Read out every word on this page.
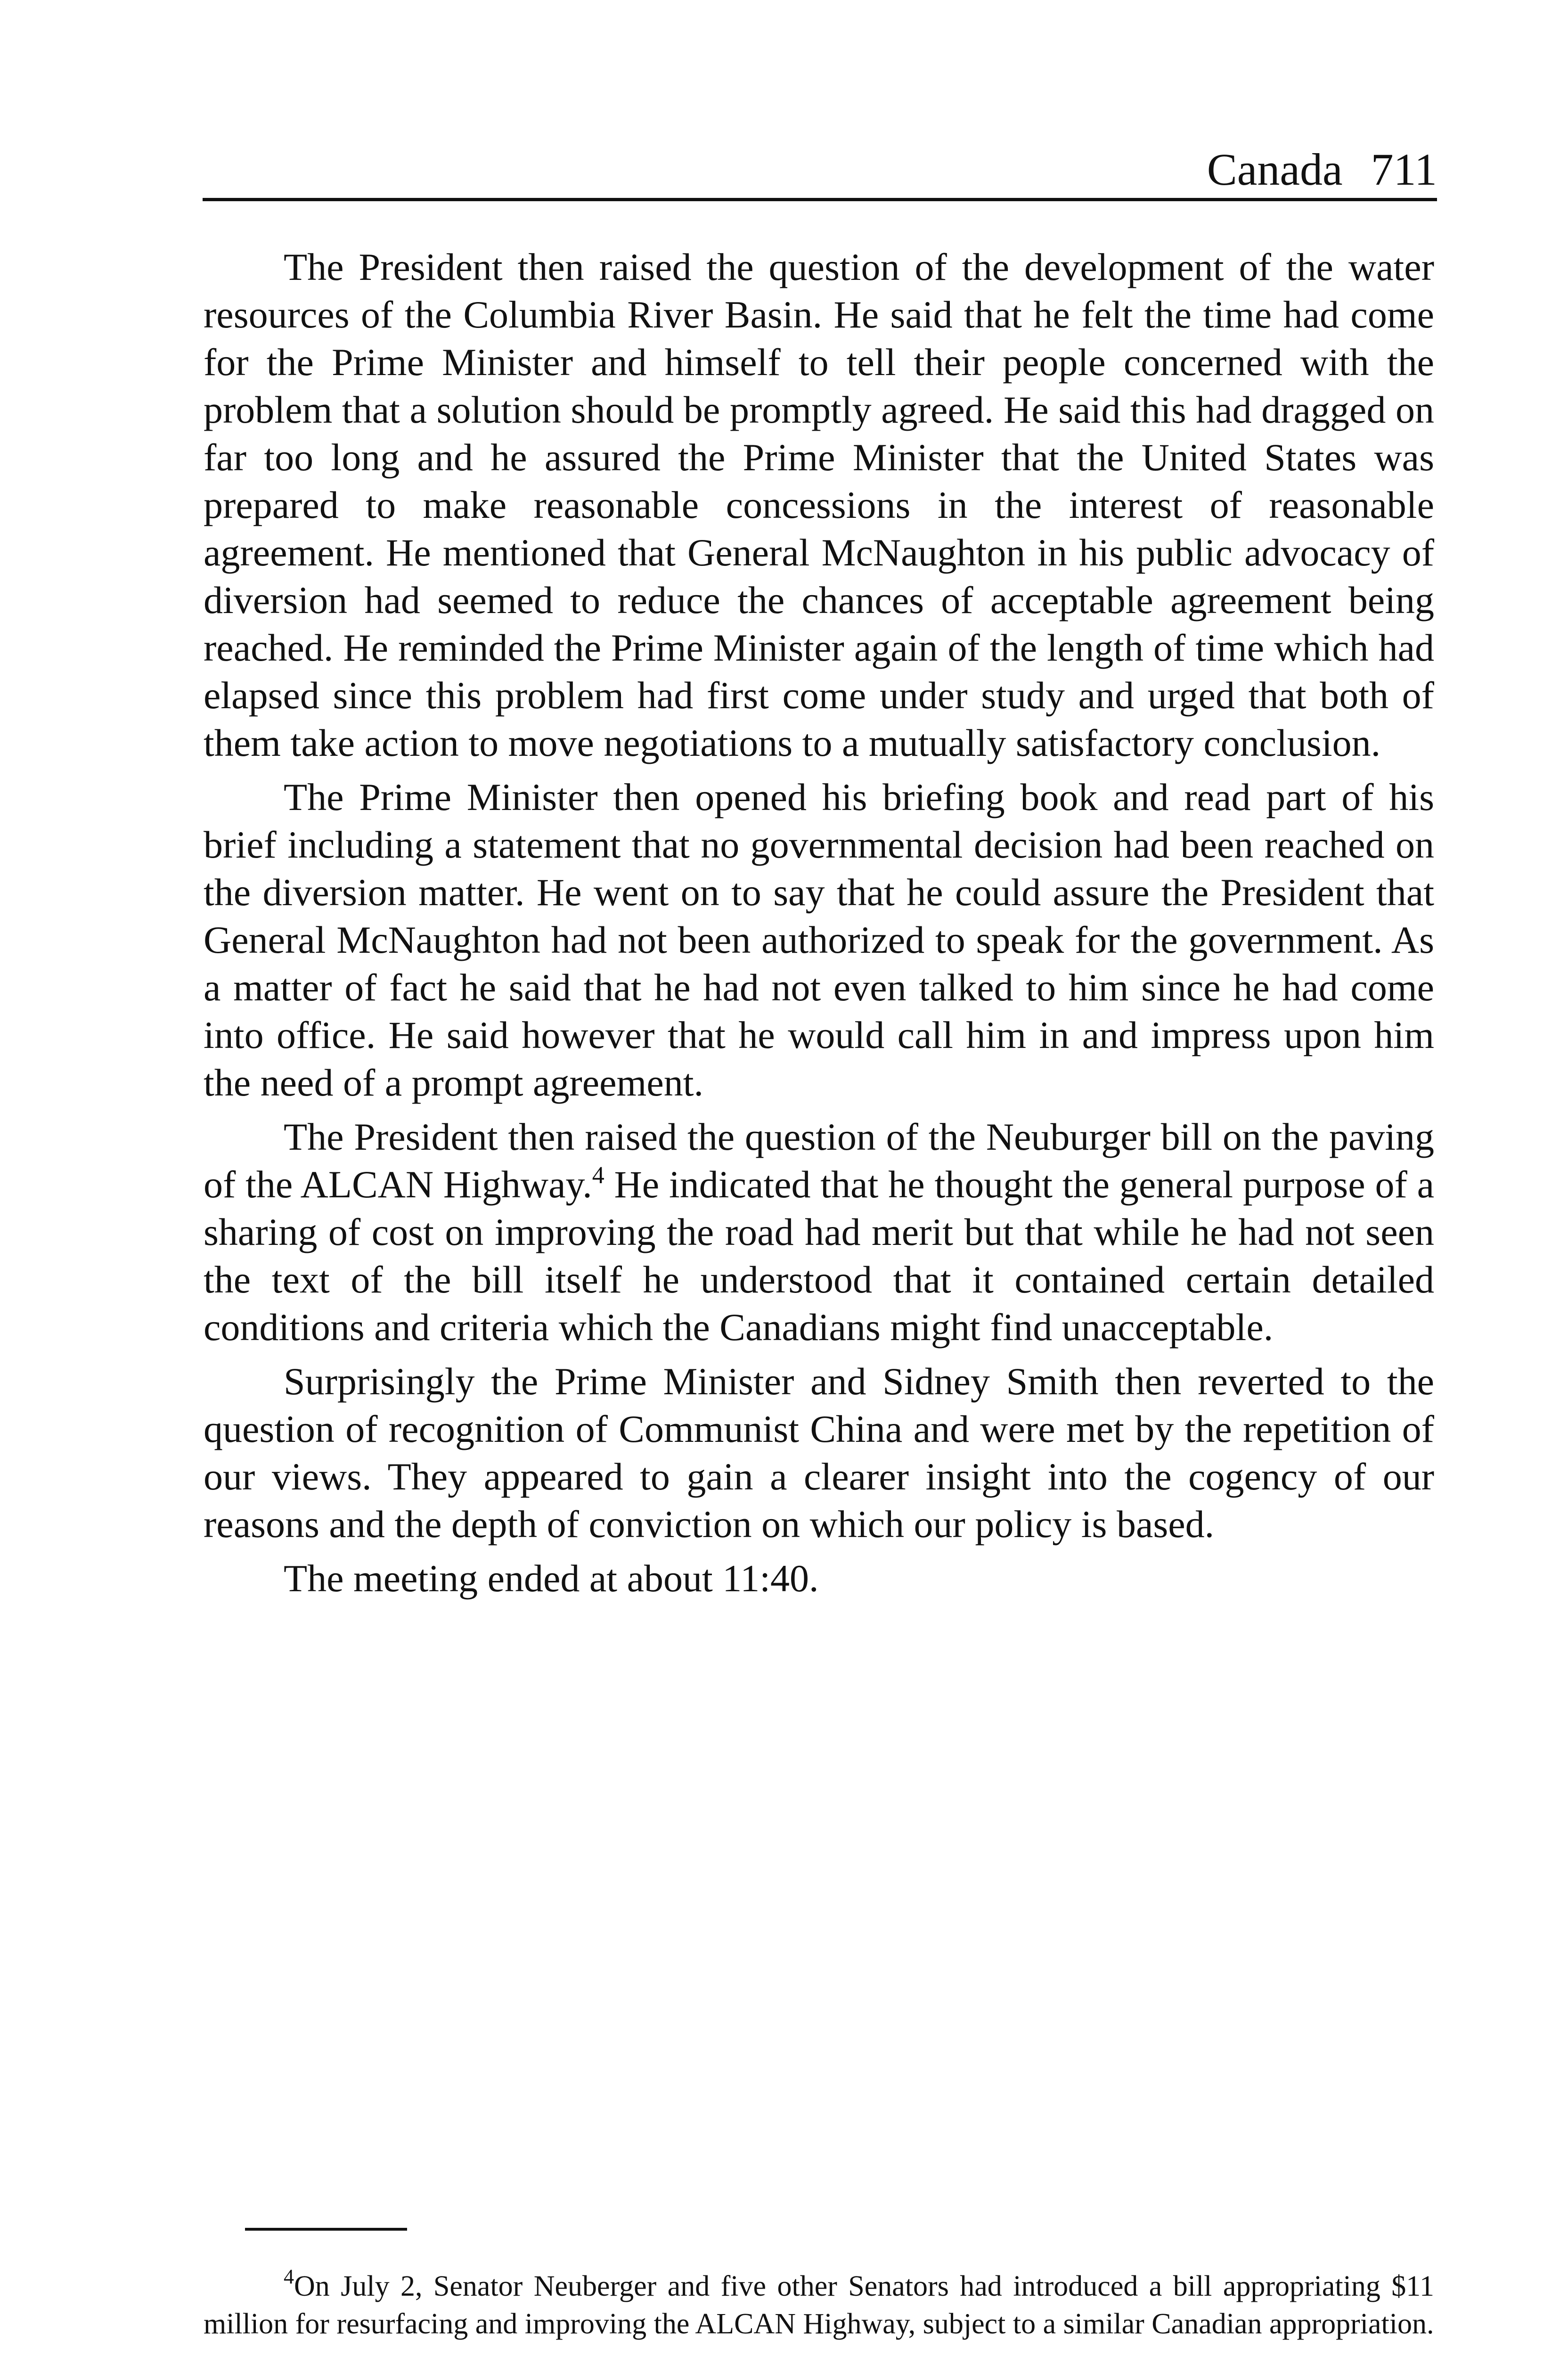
Canada 711

The President then raised the question of the development of the water resources of the Columbia River Basin. He said that he felt the time had come for the Prime Minister and himself to tell their people concerned with the problem that a solution should be promptly agreed. He said this had dragged on far too long and he assured the Prime Minister that the United States was prepared to make reasonable concessions in the interest of reasonable agreement. He mentioned that General McNaughton in his public advocacy of diversion had seemed to reduce the chances of acceptable agreement being reached. He reminded the Prime Minister again of the length of time which had elapsed since this problem had first come under study and urged that both of them take action to move negotiations to a mutually satisfactory conclusion.

The Prime Minister then opened his briefing book and read part of his brief including a statement that no governmental decision had been reached on the diversion matter. He went on to say that he could assure the President that General McNaughton had not been authorized to speak for the government. As a matter of fact he said that he had not even talked to him since he had come into office. He said however that he would call him in and impress upon him the need of a prompt agreement.

The President then raised the question of the Neuburger bill on the paving of the ALCAN Highway.$^4$ He indicated that he thought the general purpose of a sharing of cost on improving the road had merit but that while he had not seen the text of the bill itself he understood that it contained certain detailed conditions and criteria which the Canadians might find unacceptable.

Surprisingly the Prime Minister and Sidney Smith then reverted to the question of recognition of Communist China and were met by the repetition of our views. They appeared to gain a clearer insight into the cogency of our reasons and the depth of conviction on which our policy is based.

The meeting ended at about 11:40.

$^4$On July 2, Senator Neuberger and five other Senators had introduced a bill appropriating $11 million for resurfacing and improving the ALCAN Highway, subject to a similar Canadian appropriation.
